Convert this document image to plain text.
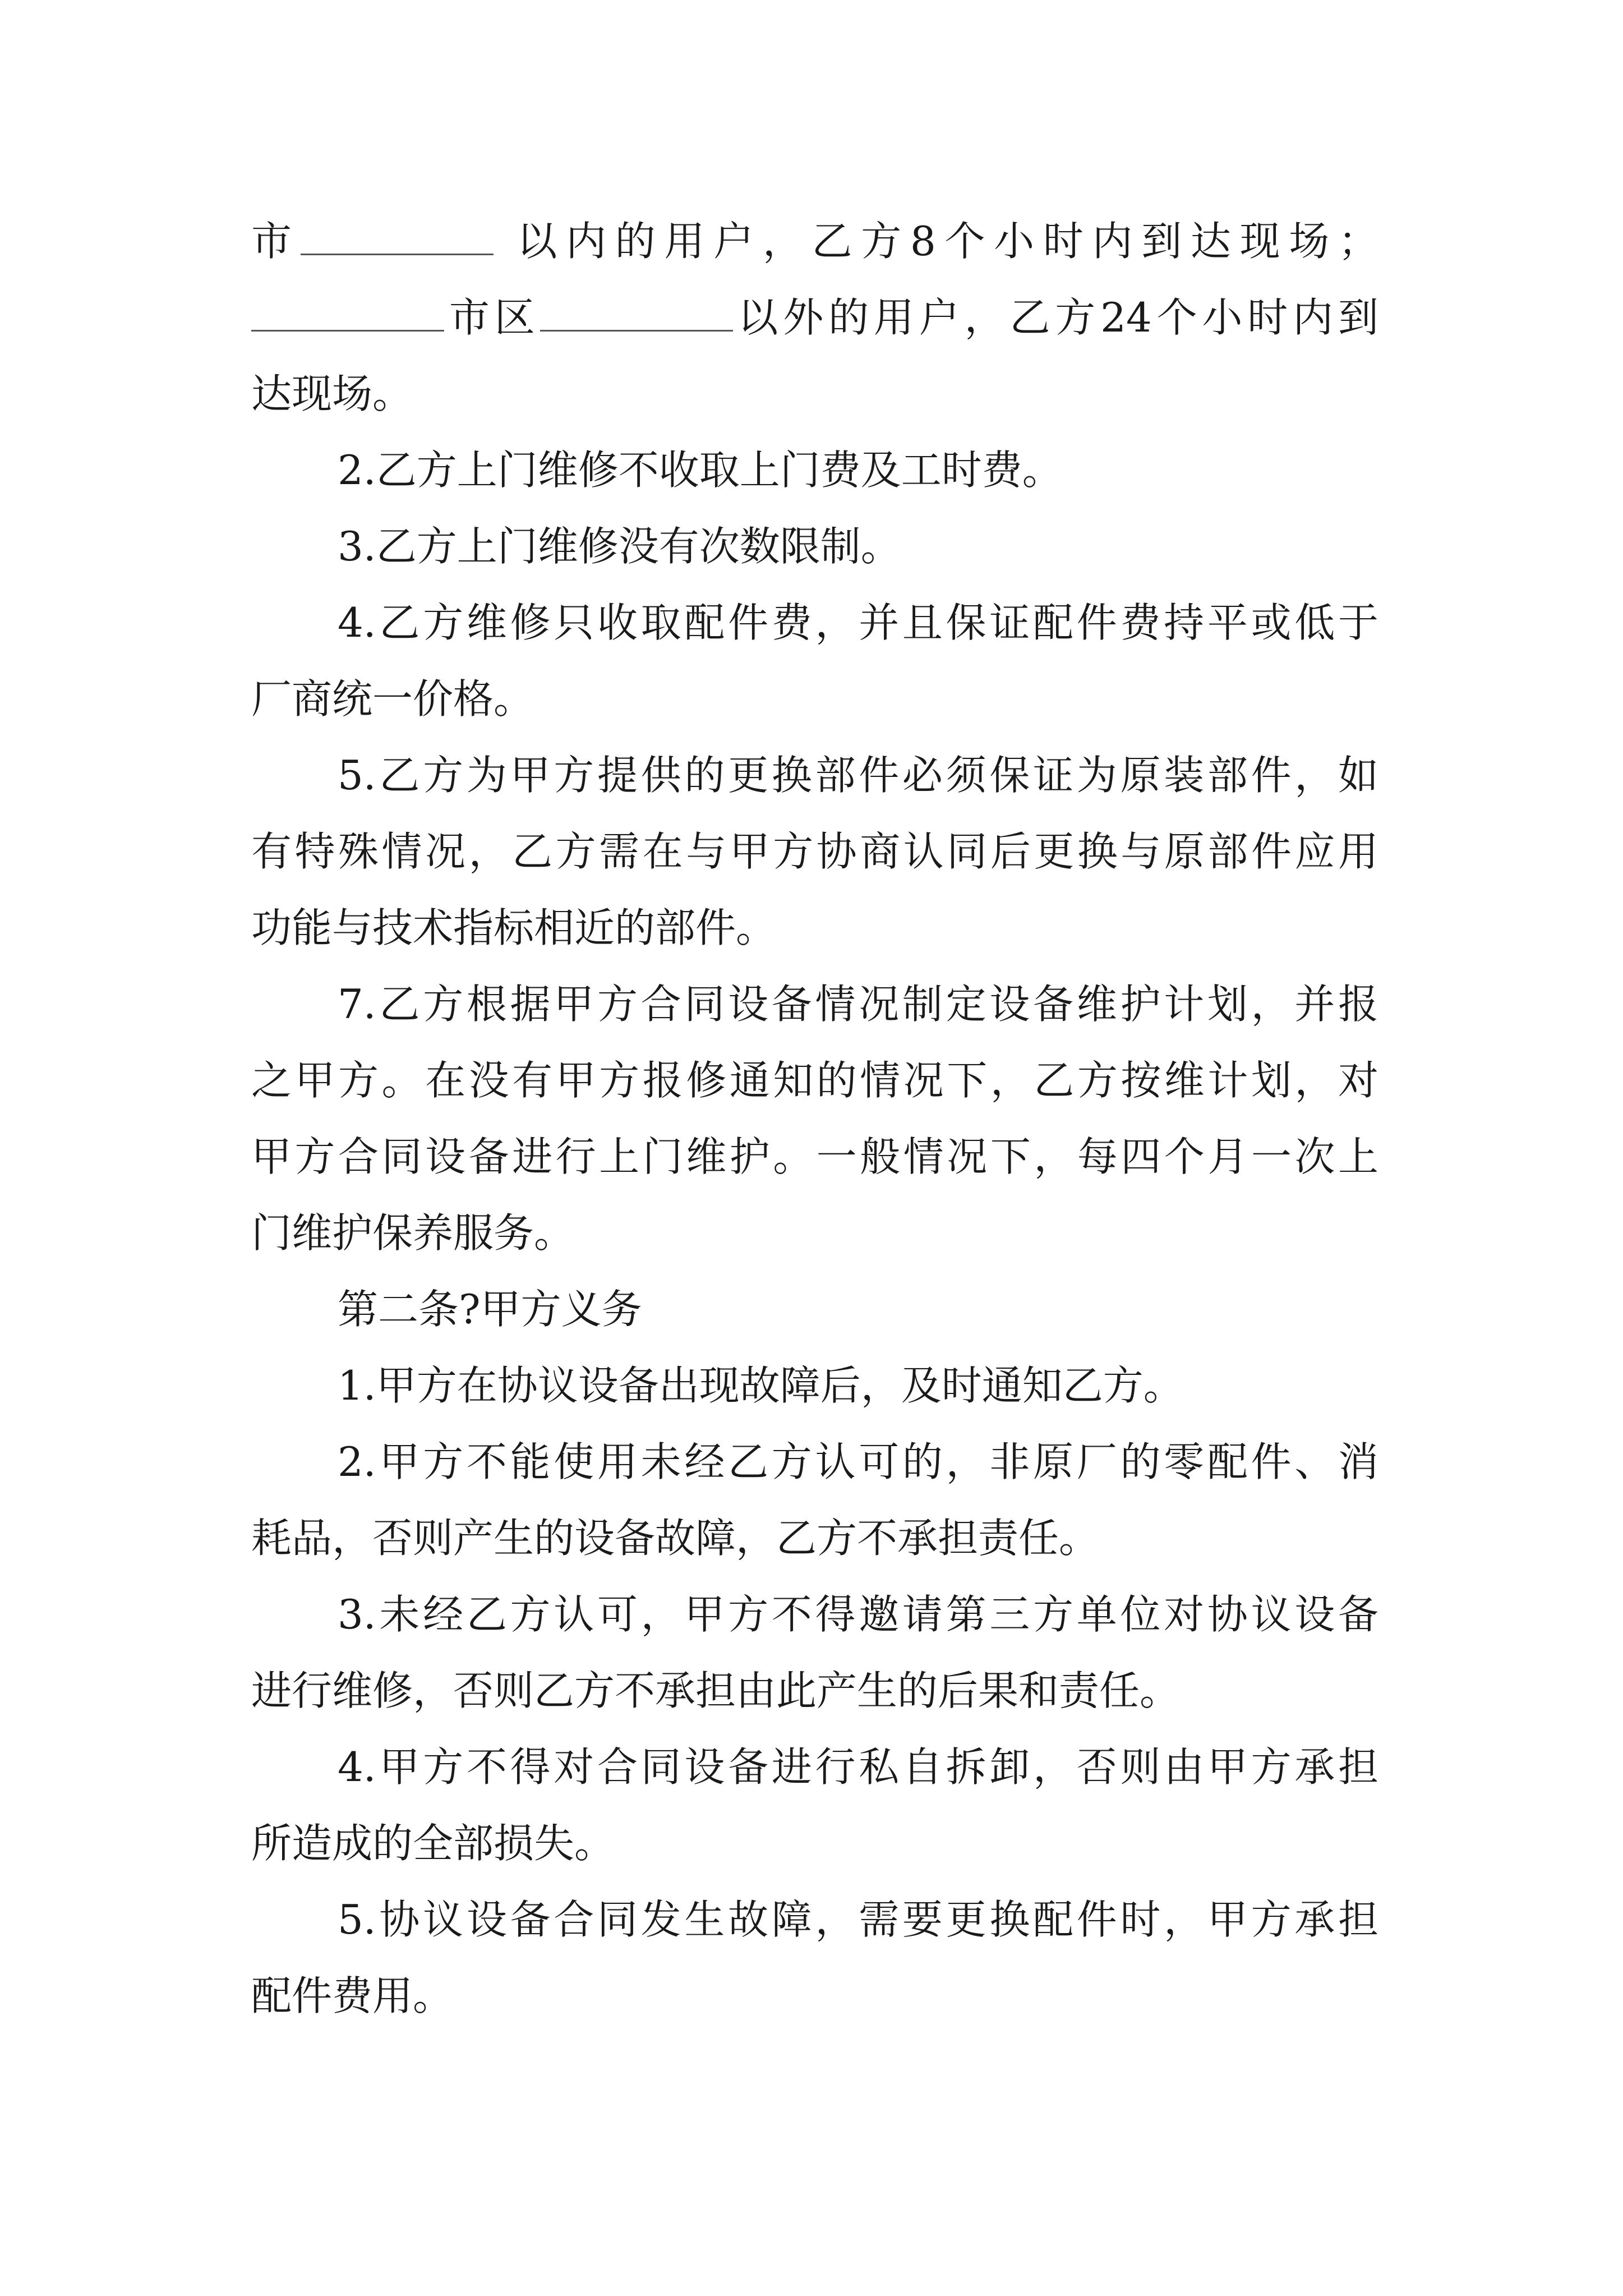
市	以内的用户，乙方8个小时内到达现场；
市区	以外的用户，乙方24个小时内到
达现场。
2.乙方上门维修不收取上门费及工时费。
3.乙方上门维修没有次数限制。
4.乙方维修只收取配件费，并且保证配件费持平或低于
厂商统一价格。
5.乙方为甲方提供的更换部件必须保证为原装部件，如
有特殊情况，乙方需在与甲方协商认同后更换与原部件应用
功能与技术指标相近的部件。
7.乙方根据甲方合同设备情况制定设备维护计划，并报
之甲方。在没有甲方报修通知的情况下，乙方按维计划，对
甲方合同设备进行上门维护。一般情况下，每四个月一次上
门维护保养服务。
第二条?甲方义务
1.甲方在协议设备出现故障后，及时通知乙方。
2.甲方不能使用未经乙方认可的，非原厂的零配件、消
耗品，否则产生的设备故障，乙方不承担责任。
3.未经乙方认可，甲方不得邀请第三方单位对协议设备
进行维修，否则乙方不承担由此产生的后果和责任。
4.甲方不得对合同设备进行私自拆卸，否则由甲方承担
所造成的全部损失。
5.协议设备合同发生故障，需要更换配件时，甲方承担
配件费用。
